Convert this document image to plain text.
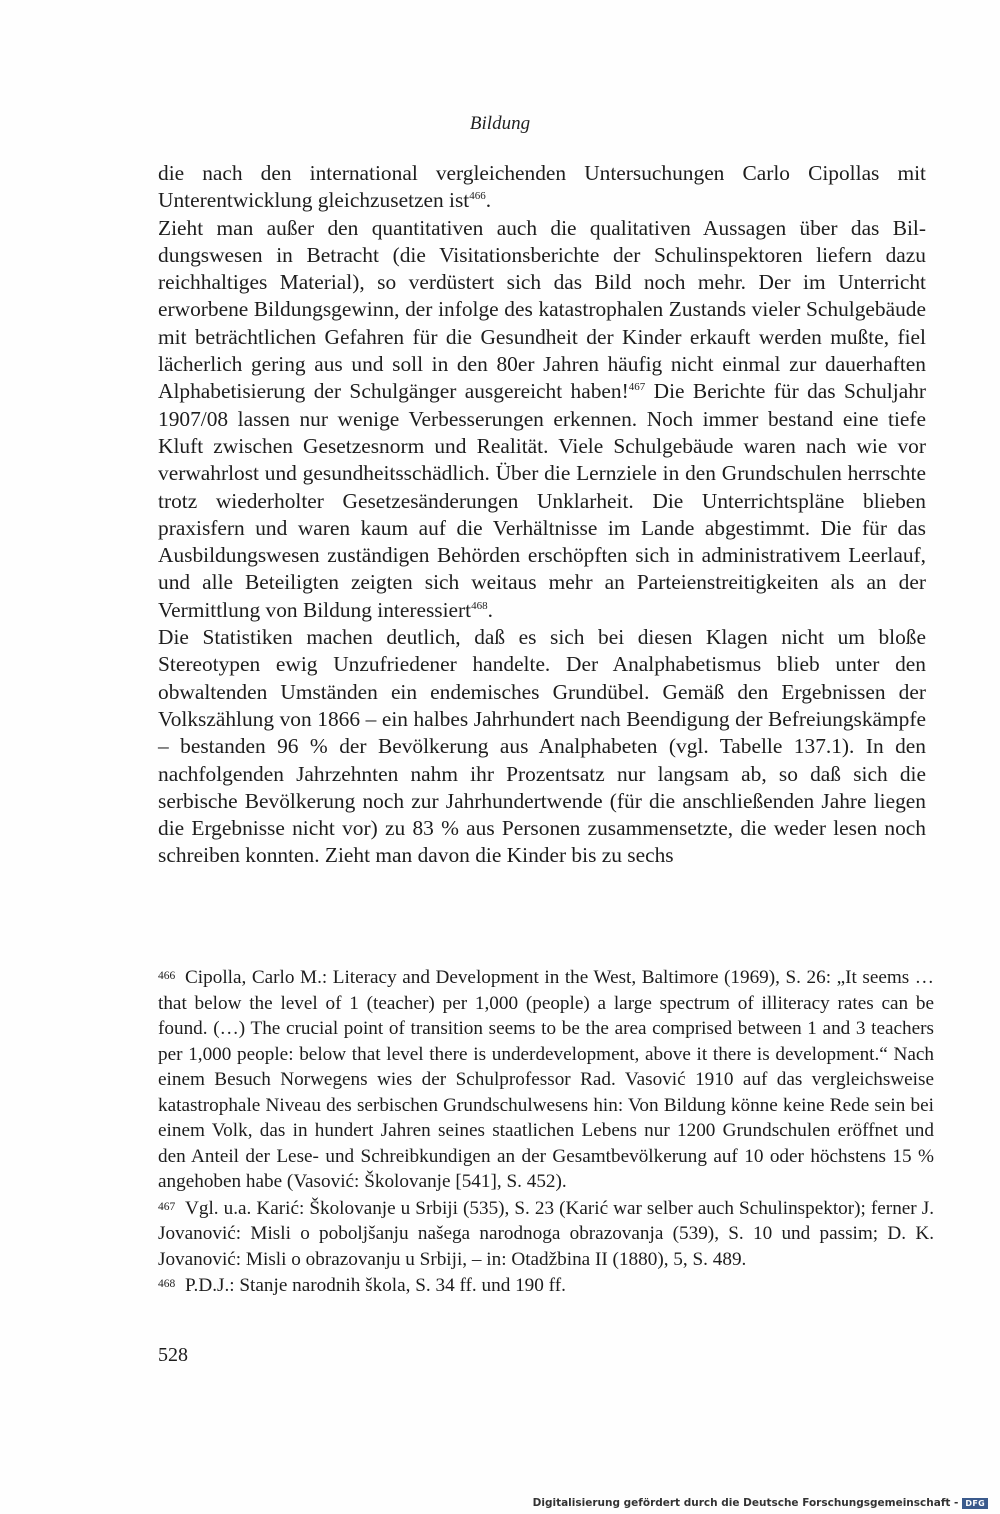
Bildung

die nach den international vergleichenden Untersuchungen Carlo Cipollas mit Unterentwicklung gleichzusetzen ist$^{466}$.

Zieht man außer den quantitativen auch die qualitativen Aussagen über das Bildungswesen in Betracht (die Visitationsberichte der Schulinspektoren liefern dazu reichhaltiges Material), so verdüstert sich das Bild noch mehr. Der im Unterricht erworbene Bildungsgewinn, der infolge des katastrophalen Zustands vieler Schulgebäude mit beträchtlichen Gefahren für die Gesundheit der Kinder erkauft werden mußte, fiel lächerlich gering aus und soll in den 80er Jahren häufig nicht einmal zur dauerhaften Alphabetisierung der Schulgänger ausgereicht haben!$^{467}$ Die Berichte für das Schuljahr 1907/08 lassen nur wenige Verbesserungen erkennen. Noch immer bestand eine tiefe Kluft zwischen Gesetzesnorm und Realität. Viele Schulgebäude waren nach wie vor verwahrlost und gesundheitsschädlich. Über die Lernziele in den Grundschulen herrschte trotz wiederholter Gesetzesänderungen Unklarheit. Die Unterrichtspläne blieben praxisfern und waren kaum auf die Verhältnisse im Lande abgestimmt. Die für das Ausbildungswesen zuständigen Behörden erschöpften sich in administrativem Leerlauf, und alle Beteiligten zeigten sich weitaus mehr an Parteienstreitigkeiten als an der Vermittlung von Bildung interessiert$^{468}$.

Die Statistiken machen deutlich, daß es sich bei diesen Klagen nicht um bloße Stereotypen ewig Unzufriedener handelte. Der Analphabetismus blieb unter den obwaltenden Umständen ein endemisches Grundübel. Gemäß den Ergebnissen der Volkszählung von 1866 – ein halbes Jahrhundert nach Beendigung der Befreiungskämpfe – bestanden 96 % der Bevölkerung aus Analphabeten (vgl. Tabelle 137.1). In den nachfolgenden Jahrzehnten nahm ihr Prozentsatz nur langsam ab, so daß sich die serbische Bevölkerung noch zur Jahrhundertwende (für die anschließenden Jahre liegen die Ergebnisse nicht vor) zu 83 % aus Personen zusammensetzte, die weder lesen noch schreiben konnten. Zieht man davon die Kinder bis zu sechs

466 Cipolla, Carlo M.: Literacy and Development in the West, Baltimore (1969), S. 26: „It seems … that below the level of 1 (teacher) per 1,000 (people) a large spectrum of illiteracy rates can be found. (…) The crucial point of transition seems to be the area comprised between 1 and 3 teachers per 1,000 people: below that level there is underdevelopment, above it there is development.“ Nach einem Besuch Norwegens wies der Schulprofessor Rad. Vasović 1910 auf das vergleichsweise katastrophale Niveau des serbischen Grundschulwesens hin: Von Bildung könne keine Rede sein bei einem Volk, das in hundert Jahren seines staatlichen Lebens nur 1200 Grundschulen eröffnet und den Anteil der Lese- und Schreibkundigen an der Gesamtbevölkerung auf 10 oder höchstens 15 % angehoben habe (Vasović: Školovanje [541], S. 452).

467 Vgl. u.a. Karić: Školovanje u Srbiji (535), S. 23 (Karić war selber auch Schulinspektor); ferner J. Jovanović: Misli o poboljšanju našega narodnoga obrazovanja (539), S. 10 und passim; D. K. Jovanović: Misli o obrazovanju u Srbiji, – in: Otadžbina II (1880), 5, S. 489.

468 P.D.J.: Stanje narodnih škola, S. 34 ff. und 190 ff.

528
Digitalisierung gefördert durch die Deutsche Forschungsgemeinschaft - DFG
